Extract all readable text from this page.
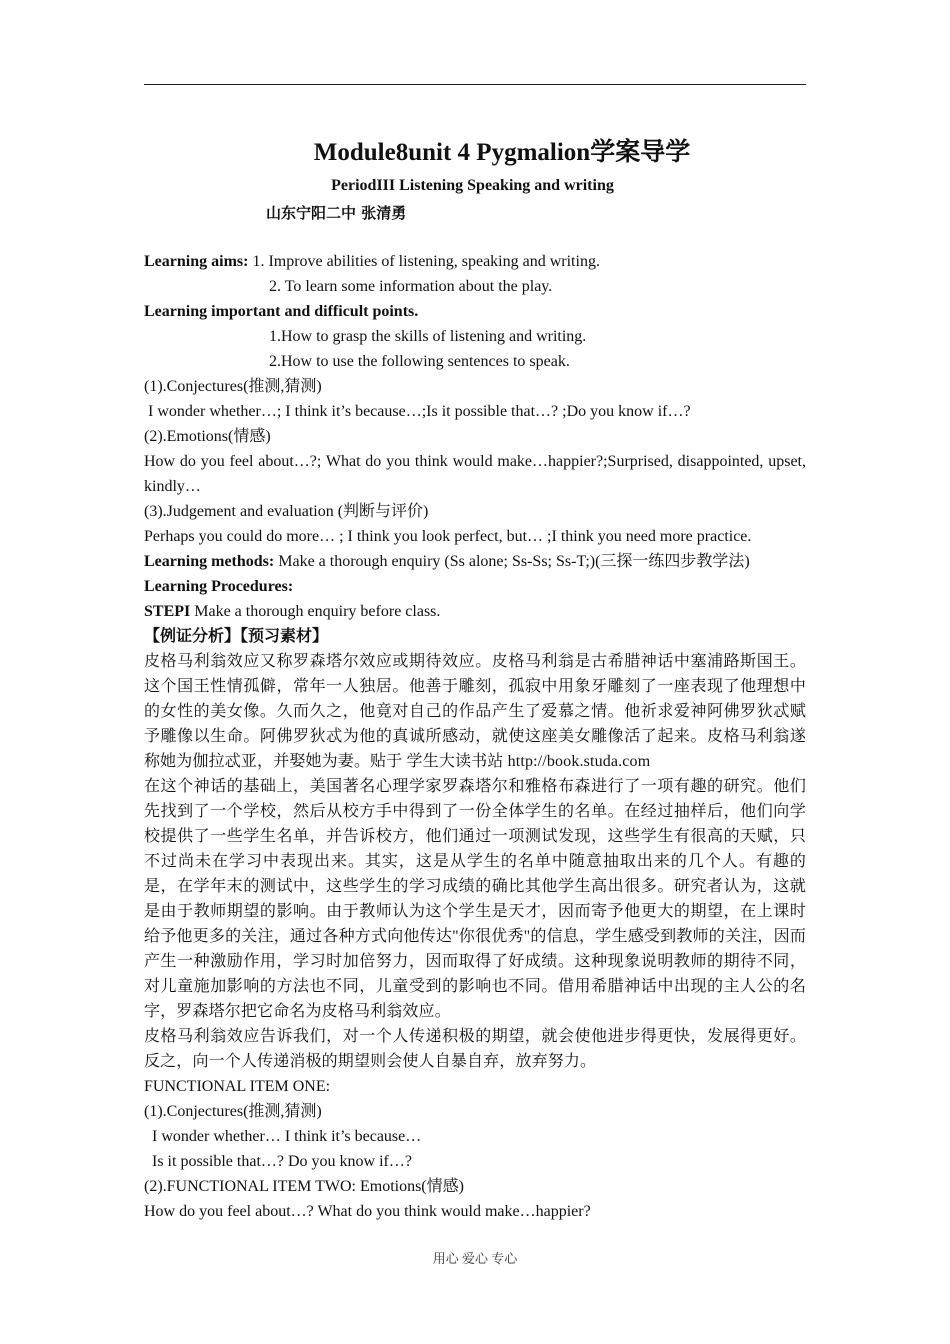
Module8unit 4 Pygmalion学案导学
PeriodIII Listening Speaking and writing
山东宁阳二中 张清勇

Learning aims: 1. Improve abilities of listening, speaking and writing.

2. To learn some information about the play.

Learning important and difficult points.

1.How to grasp the skills of listening and writing.

2.How to use the following sentences to speak.

(1).Conjectures(推测,猜测)

I wonder whether…; I think it’s because…;Is it possible that…? ;Do you know if…?

(2).Emotions(情感)

How do you feel about…?; What do you think would make…happier?;Surprised, disappointed, upset, kindly…

(3).Judgement and evaluation (判断与评价)

Perhaps you could do more… ; I think you look perfect, but… ;I think you need more practice.

Learning methods: Make a thorough enquiry (Ss alone; Ss-Ss; Ss-T;)(三探一练四步教学法)

Learning Procedures:

STEPI Make a thorough enquiry before class.

【例证分析】【预习素材】

皮格马利翁效应又称罗森塔尔效应或期待效应。皮格马利翁是古希腊神话中塞浦路斯国王。这个国王性情孤僻，常年一人独居。他善于雕刻，孤寂中用象牙雕刻了一座表现了他理想中的女性的美女像。久而久之，他竟对自己的作品产生了爱慕之情。他祈求爱神阿佛罗狄忒赋予雕像以生命。阿佛罗狄忒为他的真诚所感动，就使这座美女雕像活了起来。皮格马利翁遂称她为伽拉忒亚，并娶她为妻。贴于 学生大读书站 http://book.studa.com

在这个神话的基础上，美国著名心理学家罗森塔尔和雅格布森进行了一项有趣的研究。他们先找到了一个学校，然后从校方手中得到了一份全体学生的名单。在经过抽样后，他们向学校提供了一些学生名单，并告诉校方，他们通过一项测试发现，这些学生有很高的天赋，只不过尚未在学习中表现出来。其实，这是从学生的名单中随意抽取出来的几个人。有趣的是，在学年末的测试中，这些学生的学习成绩的确比其他学生高出很多。研究者认为，这就是由于教师期望的影响。由于教师认为这个学生是天才，因而寄予他更大的期望，在上课时给予他更多的关注，通过各种方式向他传达"你很优秀"的信息，学生感受到教师的关注，因而产生一种激励作用，学习时加倍努力，因而取得了好成绩。这种现象说明教师的期待不同，对儿童施加影响的方法也不同，儿童受到的影响也不同。借用希腊神话中出现的主人公的名字，罗森塔尔把它命名为皮格马利翁效应。

皮格马利翁效应告诉我们，对一个人传递积极的期望，就会使他进步得更快，发展得更好。反之，向一个人传递消极的期望则会使人自暴自弃，放弃努力。

FUNCTIONAL ITEM ONE:

(1).Conjectures(推测,猜测)

I wonder whether… I think it’s because…

Is it possible that…? Do you know if…?

(2).FUNCTIONAL ITEM TWO: Emotions(情感)

How do you feel about…? What do you think would make…happier?

用心 爱心 专心
